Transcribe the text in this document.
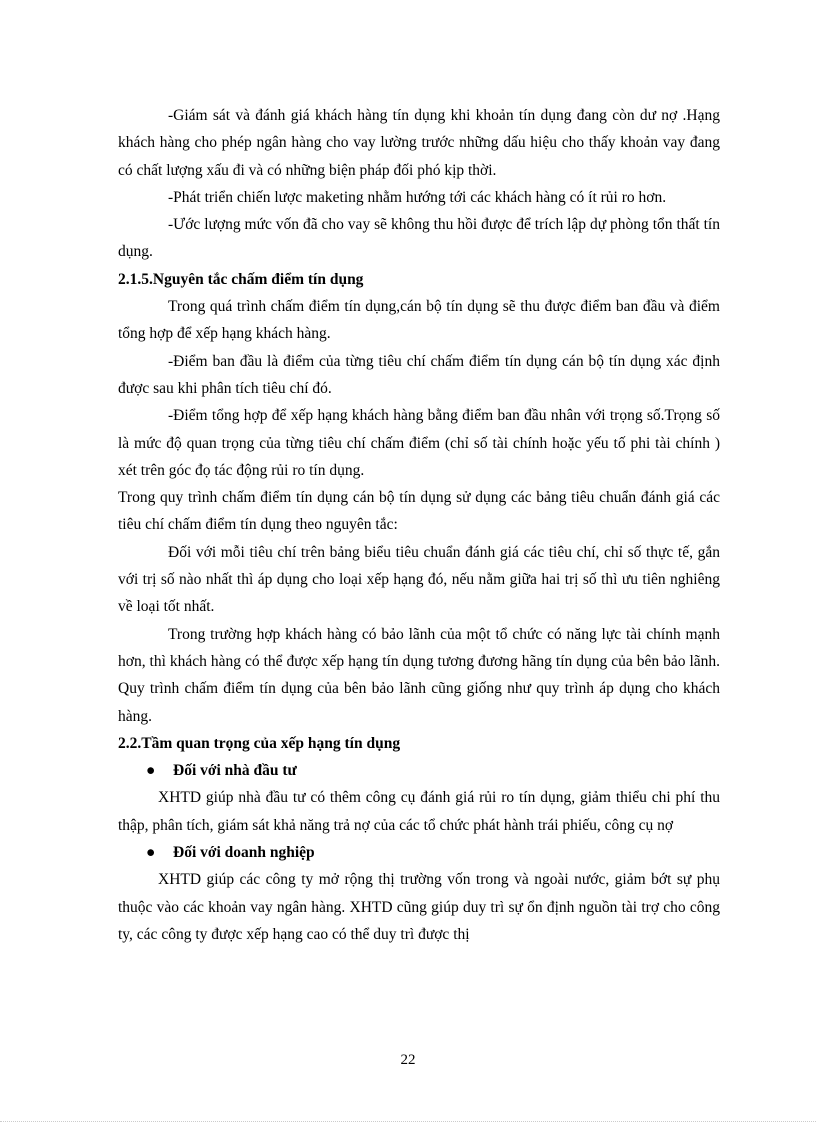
-Giám sát và đánh giá khách hàng tín dụng khi khoản tín dụng đang còn dư nợ .Hạng khách hàng cho phép ngân hàng cho vay lường trước những dấu hiệu cho thấy khoản vay đang có chất lượng xấu đi và có những biện pháp đối phó kịp thời.

-Phát triển chiến lược maketing nhằm hướng tới các khách hàng có ít rủi ro hơn.

-Ước lượng mức vốn đã cho vay sẽ không thu hồi được để trích lập dự phòng tổn thất tín dụng.

2.1.5.Nguyên tắc chấm điểm tín dụng

Trong quá trình chấm điểm tín dụng,cán bộ tín dụng sẽ thu được điểm ban đầu và điểm tổng hợp để xếp hạng khách hàng.

-Điểm ban đầu là điểm của từng tiêu chí chấm điểm tín dụng cán bộ tín dụng xác định được sau khi phân tích tiêu chí đó.

-Điểm tổng hợp để xếp hạng khách hàng bằng điểm ban đầu nhân với trọng số.Trọng số là mức độ quan trọng của từng tiêu chí chấm điểm (chỉ số tài chính hoặc yếu tố phi tài chính ) xét trên góc đọ tác động rủi ro tín dụng.

Trong quy trình chấm điểm tín dụng cán bộ tín dụng sử dụng các bảng tiêu chuẩn đánh giá các tiêu chí chấm điểm tín dụng theo nguyên tắc:

Đối với mỗi tiêu chí trên bảng biểu tiêu chuẩn đánh giá các tiêu chí, chỉ số thực tế, gắn với trị số nào nhất thì áp dụng cho loại xếp hạng đó, nếu nằm giữa hai trị số thì ưu tiên nghiêng về loại tốt nhất.

Trong trường hợp khách hàng có bảo lãnh của một tổ chức có năng lực tài chính mạnh hơn, thì khách hàng có thể được xếp hạng tín dụng tương đương hãng tín dụng của bên bảo lãnh. Quy trình chấm điểm tín dụng của bên bảo lãnh cũng giống như quy trình áp dụng cho khách hàng.

2.2.Tầm quan trọng của xếp hạng tín dụng

● Đối với nhà đầu tư

XHTD giúp nhà đầu tư có thêm công cụ đánh giá rủi ro tín dụng, giảm thiểu chi phí thu thập, phân tích, giám sát khả năng trả nợ của các tổ chức phát hành trái phiếu, công cụ nợ

● Đối với doanh nghiệp

XHTD giúp các công ty mở rộng thị trường vốn trong và ngoài nước, giảm bớt sự phụ thuộc vào các khoản vay ngân hàng. XHTD cũng giúp duy trì sự ổn định nguồn tài trợ cho công ty, các công ty được xếp hạng cao có thể duy trì được thị

22
